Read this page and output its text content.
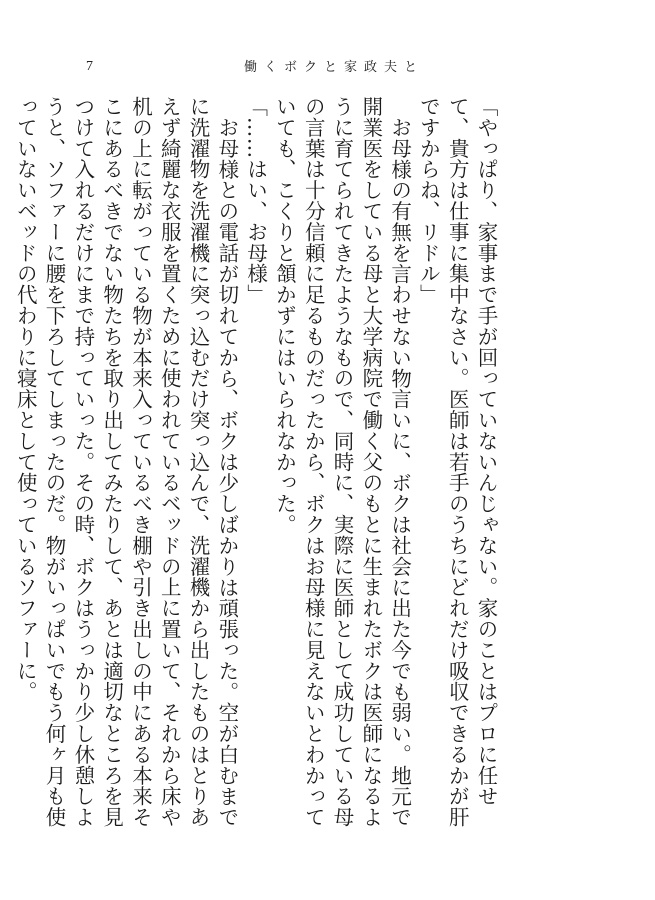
7	働くボクと家政夫と

「やっぱり、家事まで手が回っていないんじゃない。家のことはプロに任せて、貴方は仕事に集中なさい。医師は若手のうちにどれだけ吸収できるかが肝ですからね、リドル」

お母様の有無を言わせない物言いに、ボクは社会に出た今でも弱い。地元で開業医をしている母と大学病院で働く父のもとに生まれたボクは医師になるように育てられてきたようなもので、同時に、実際に医師として成功している母の言葉は十分信頼に足るものだったから、ボクはお母様に見えないとわかっていても、こくりと頷かずにはいられなかった。

「……はい、お母様」

お母様との電話が切れてから、ボクは少しばかりは頑張った。空が白むまでに洗濯物を洗濯機に突っ込むだけ突っ込んで、洗濯機から出したものはとりあえず綺麗な衣服を置くために使われているベッドの上に置いて、それから床や机の上に転がっている物が本来入っているべき棚や引き出しの中にある本来そこにあるべきでない物たちを取り出してみたりして、あとは適切なところを見つけて入れるだけにまで持っていった。その時、ボクはうっかり少し休憩しようと、ソファーに腰を下ろしてしまったのだ。物がいっぱいでもう何ヶ月も使っていないベッドの代わりに寝床として使っているソファーに。
